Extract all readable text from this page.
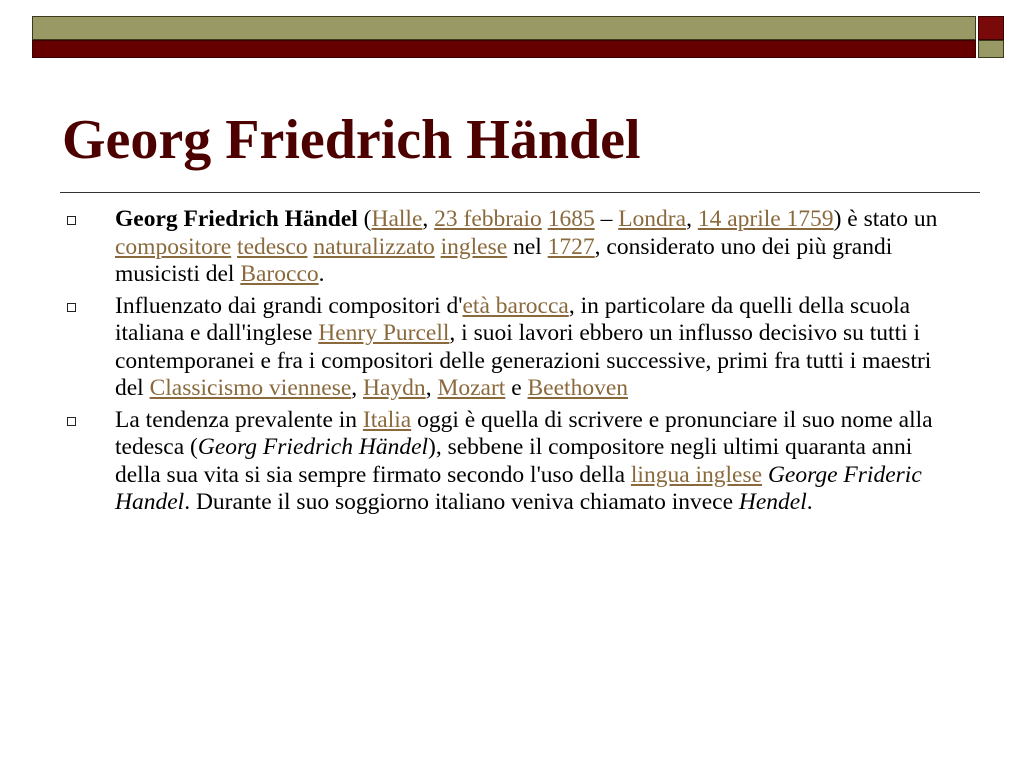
Georg Friedrich Händel
Georg Friedrich Händel (Halle, 23 febbraio 1685 – Londra, 14 aprile 1759) è stato un compositore tedesco naturalizzato inglese nel 1727, considerato uno dei più grandi musicisti del Barocco.
Influenzato dai grandi compositori d'età barocca, in particolare da quelli della scuola italiana e dall'inglese Henry Purcell, i suoi lavori ebbero un influsso decisivo su tutti i contemporanei e fra i compositori delle generazioni successive, primi fra tutti i maestri del Classicismo viennese, Haydn, Mozart e Beethoven
La tendenza prevalente in Italia oggi è quella di scrivere e pronunciare il suo nome alla tedesca (Georg Friedrich Händel), sebbene il compositore negli ultimi quaranta anni della sua vita si sia sempre firmato secondo l'uso della lingua inglese George Frideric Handel. Durante il suo soggiorno italiano veniva chiamato invece Hendel.
